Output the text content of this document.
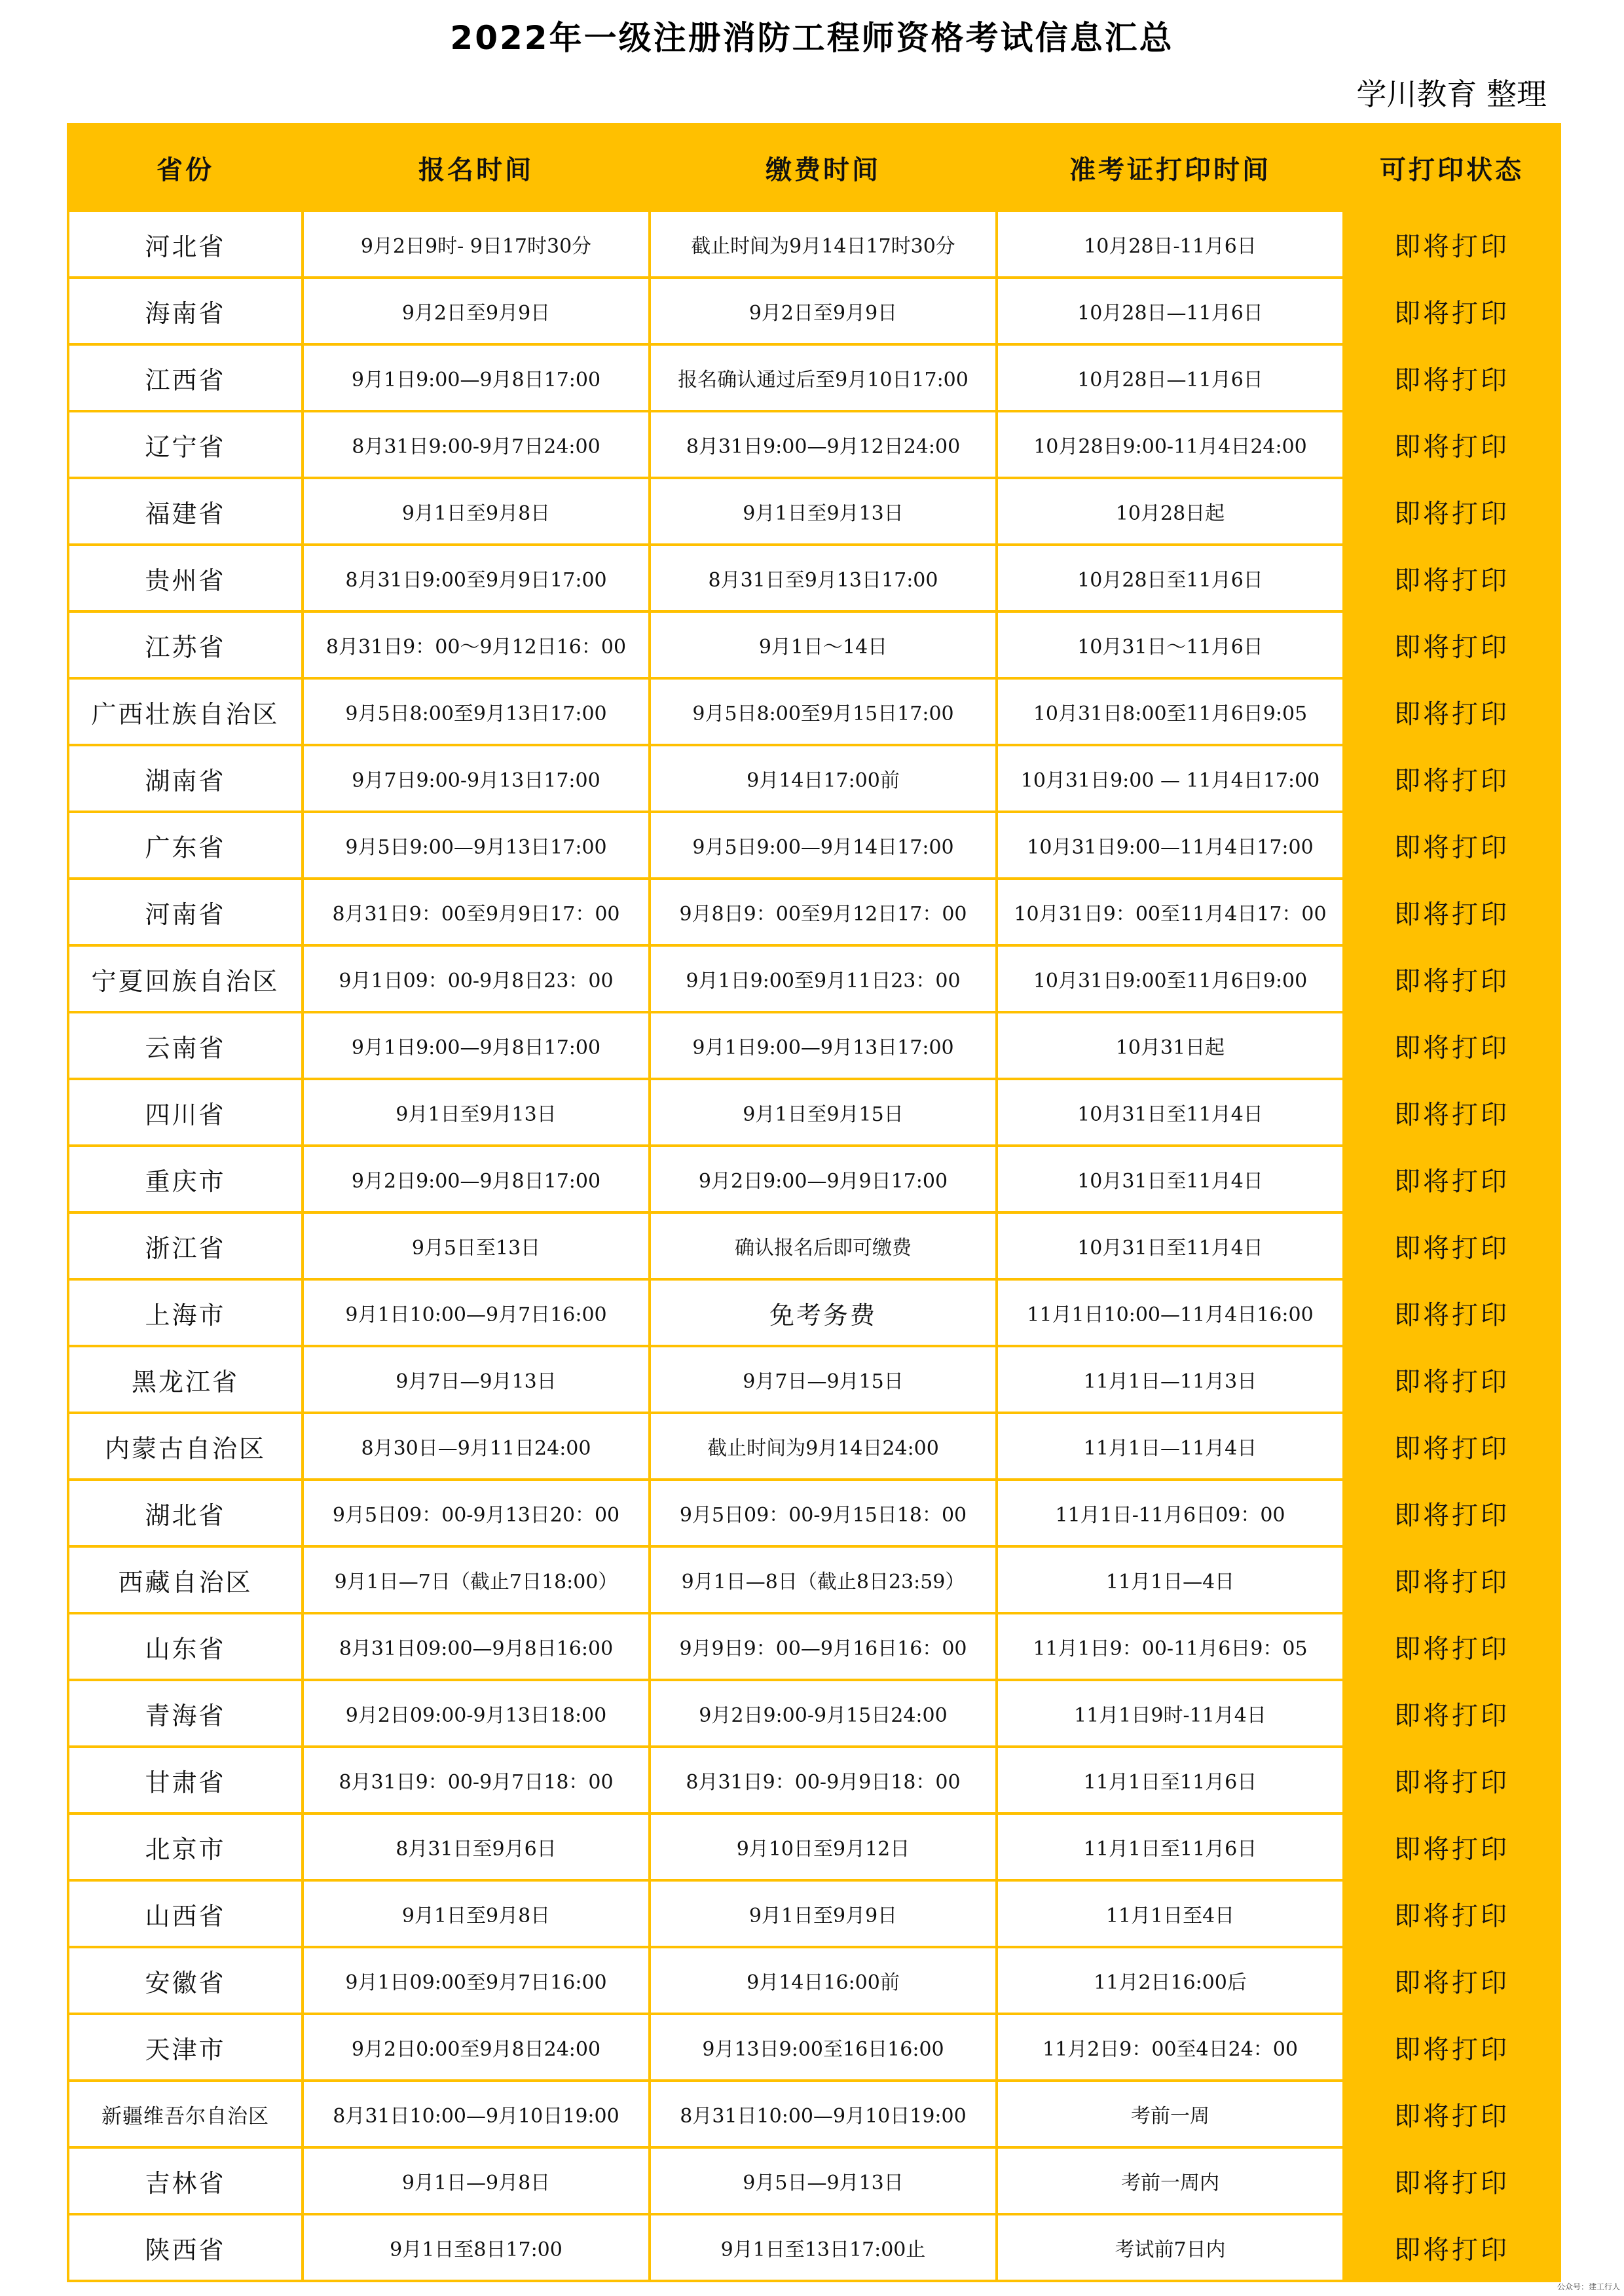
2022年一级注册消防工程师资格考试信息汇总
学川教育 整理
省份	报名时间	缴费时间	准考证打印时间	可打印状态
河北省	9月2日9时- 9日17时30分	截止时间为9月14日17时30分	10月28日-11月6日	即将打印
海南省	9月2日至9月9日	9月2日至9月9日	10月28日—11月6日	即将打印
江西省	9月1日9:00—9月8日17:00	报名确认通过后至9月10日17:00	10月28日—11月6日	即将打印
辽宁省	8月31日9:00-9月7日24:00	8月31日9:00—9月12日24:00	10月28日9:00-11月4日24:00	即将打印
福建省	9月1日至9月8日	9月1日至9月13日	10月28日起	即将打印
贵州省	8月31日9:00至9月9日17:00	8月31日至9月13日17:00	10月28日至11月6日	即将打印
江苏省	8月31日9：00～9月12日16：00	9月1日～14日	10月31日～11月6日	即将打印
广西壮族自治区	9月5日8:00至9月13日17:00	9月5日8:00至9月15日17:00	10月31日8:00至11月6日9:05	即将打印
湖南省	9月7日9:00-9月13日17:00	9月14日17:00前	10月31日9:00 — 11月4日17:00	即将打印
广东省	9月5日9:00—9月13日17:00	9月5日9:00—9月14日17:00	10月31日9:00—11月4日17:00	即将打印
河南省	8月31日9：00至9月9日17：00	9月8日9：00至9月12日17：00	10月31日9：00至11月4日17：00	即将打印
宁夏回族自治区	9月1日09：00-9月8日23：00	9月1日9:00至9月11日23：00	10月31日9:00至11月6日9:00	即将打印
云南省	9月1日9:00—9月8日17:00	9月1日9:00—9月13日17:00	10月31日起	即将打印
四川省	9月1日至9月13日	9月1日至9月15日	10月31日至11月4日	即将打印
重庆市	9月2日9:00—9月8日17:00	9月2日9:00—9月9日17:00	10月31日至11月4日	即将打印
浙江省	9月5日至13日	确认报名后即可缴费	10月31日至11月4日	即将打印
上海市	9月1日10:00—9月7日16:00	免考务费	11月1日10:00—11月4日16:00	即将打印
黑龙江省	9月7日—9月13日	9月7日—9月15日	11月1日—11月3日	即将打印
内蒙古自治区	8月30日—9月11日24:00	截止时间为9月14日24:00	11月1日—11月4日	即将打印
湖北省	9月5日09：00-9月13日20：00	9月5日09：00-9月15日18：00	11月1日-11月6日09：00	即将打印
西藏自治区	9月1日—7日（截止7日18:00）	9月1日—8日（截止8日23:59）	11月1日—4日	即将打印
山东省	8月31日09:00—9月8日16:00	9月9日9：00—9月16日16：00	11月1日9：00-11月6日9：05	即将打印
青海省	9月2日09:00-9月13日18:00	9月2日9:00-9月15日24:00	11月1日9时-11月4日	即将打印
甘肃省	8月31日9：00-9月7日18：00	8月31日9：00-9月9日18：00	11月1日至11月6日	即将打印
北京市	8月31日至9月6日	9月10日至9月12日	11月1日至11月6日	即将打印
山西省	9月1日至9月8日	9月1日至9月9日	11月1日至4日	即将打印
安徽省	9月1日09:00至9月7日16:00	9月14日16:00前	11月2日16:00后	即将打印
天津市	9月2日0:00至9月8日24:00	9月13日9:00至16日16:00	11月2日9：00至4日24：00	即将打印
新疆维吾尔自治区	8月31日10:00—9月10日19:00	8月31日10:00—9月10日19:00	考前一周	即将打印
吉林省	9月1日—9月8日	9月5日—9月13日	考前一周内	即将打印
陕西省	9月1日至8日17:00	9月1日至13日17:00止	考试前7日内	即将打印
公众号：建工行人
